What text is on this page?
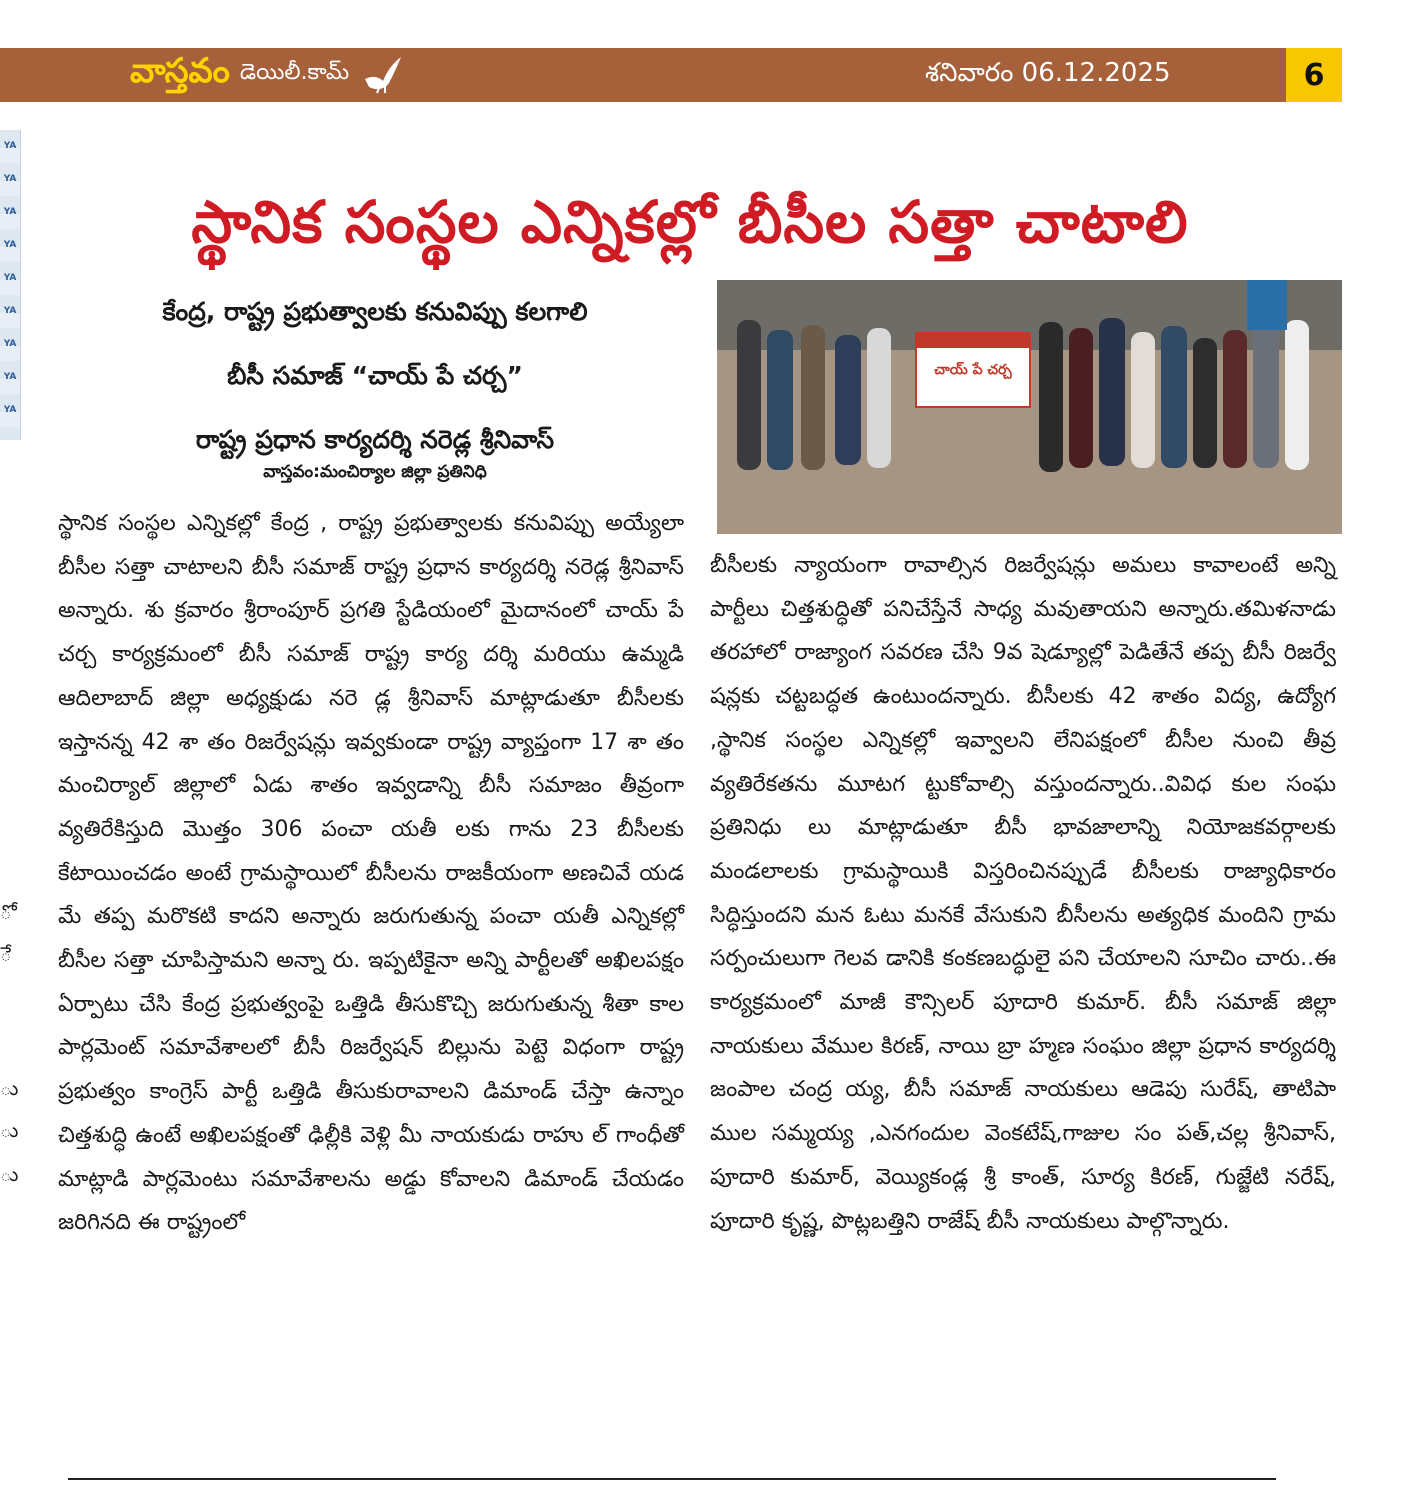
వాస్తవం డెయిలీ.కామ్	శనివారం 06.12.2025	6
YA
YA
YA
YA
YA
YA
YA
YA
YA
ో
ే
ు
ు
ు
స్థానిక సంస్థల ఎన్నికల్లో బీసీల సత్తా చాటాలి
కేంద్ర, రాష్ట్ర ప్రభుత్వాలకు కనువిప్పు కలగాలి
బీసీ సమాజ్ “చాయ్ పే చర్చ”
రాష్ట్ర ప్రధాన కార్యదర్శి నరెడ్ల శ్రీనివాస్
వాస్తవం:మంచిర్యాల జిల్లా ప్రతినిధి

స్థానిక సంస్థల ఎన్నికల్లో కేంద్ర , రాష్ట్ర ప్రభుత్వాలకు కనువిప్పు అయ్యేలా బీసీల సత్తా చాటాలని బీసీ సమాజ్ రాష్ట్ర ప్రధాన కార్యదర్శి నరెడ్ల శ్రీనివాస్ అన్నారు. శు క్రవారం శ్రీరాంపూర్ ప్రగతి స్టేడియంలో మైదానంలో చాయ్ పే చర్చ కార్యక్రమంలో బీసీ సమాజ్ రాష్ట్ర కార్య దర్శి మరియు ఉమ్మడి ఆదిలాబాద్ జిల్లా అధ్యక్షుడు నరె డ్ల శ్రీనివాస్ మాట్లాడుతూ బీసీలకు ఇస్తానన్న 42 శా తం రిజర్వేషన్లు ఇవ్వకుండా రాష్ట్ర వ్యాప్తంగా 17 శా తం మంచిర్యాల్ జిల్లాలో ఏడు శాతం ఇవ్వడాన్ని బీసీ సమాజం తీవ్రంగా వ్యతిరేకిస్తుది మొత్తం 306 పంచా యతీ లకు గాను 23 బీసీలకు కేటాయించడం అంటే గ్రామస్థాయిలో బీసీలను రాజకీయంగా అణచివే యడ మే తప్ప మరొకటి కాదని అన్నారు జరుగుతున్న పంచా యతీ ఎన్నికల్లో బీసీల సత్తా చూపిస్తామని అన్నా రు. ఇప్పటికైనా అన్ని పార్టీలతో అఖిలపక్షం ఏర్పాటు చేసి కేంద్ర ప్రభుత్వంపై ఒత్తిడి తీసుకొచ్చి జరుగుతున్న శీతా కాల పార్లమెంట్ సమావేశాలలో బీసీ రిజర్వేషన్ బిల్లును పెట్టె విధంగా రాష్ట్ర ప్రభుత్వం కాంగ్రెస్ పార్టీ ఒత్తిడి తీసుకురావాలని డిమాండ్ చేస్తా ఉన్నాం చిత్తశుద్ధి ఉంటే అఖిలపక్షంతో ఢిల్లీకి వెళ్లి మీ నాయకుడు రాహు ల్ గాంధీతో మాట్లాడి పార్లమెంటు సమావేశాలను అడ్డు కోవాలని డిమాండ్ చేయడం జరిగినది ఈ రాష్ట్రంలో

చాయ్ పే చర్చ

బీసీలకు న్యాయంగా రావాల్సిన రిజర్వేషన్లు అమలు కావాలంటే అన్ని పార్టీలు చిత్తశుద్ధితో పనిచేస్తేనే సాధ్య మవుతాయని అన్నారు.తమిళనాడు తరహాలో రాజ్యాంగ సవరణ చేసి 9వ షెడ్యూల్లో పెడితేనే తప్ప బీసీ రిజర్వే షన్లకు చట్టబద్ధత ఉంటుందన్నారు. బీసీలకు 42 శాతం విద్య, ఉద్యోగ ,స్థానిక సంస్థల ఎన్నికల్లో ఇవ్వాలని లేనిపక్షంలో బీసీల నుంచి తీవ్ర వ్యతిరేకతను మూటగ ట్టుకోవాల్సి వస్తుందన్నారు..వివిధ కుల సంఘ ప్రతినిధు లు మాట్లాడుతూ బీసీ భావజాలాన్ని నియోజకవర్గాలకు మండలాలకు గ్రామస్థాయికి విస్తరించినప్పుడే బీసీలకు రాజ్యాధికారం సిద్ధిస్తుందని మన ఓటు మనకే వేసుకుని బీసీలను అత్యధిక మందిని గ్రామ సర్పంచులుగా గెలవ డానికి కంకణబద్ధులై పని చేయాలని సూచిం చారు..ఈ కార్యక్రమంలో మాజీ కౌన్సిలర్ పూదారి కుమార్. బీసీ సమాజ్ జిల్లా నాయకులు వేముల కిరణ్, నాయి బ్రా హ్మణ సంఘం జిల్లా ప్రధాన కార్యదర్శి జంపాల చంద్ర య్య, బీసీ సమాజ్ నాయకులు ఆడెపు సురేష్, తాటిపా ముల సమ్మయ్య ,ఎనగందుల వెంకటేష్,గాజుల సం పత్,చల్ల శ్రీనివాస్, పూదారి కుమార్, వెయ్యికండ్ల శ్రీ కాంత్, సూర్య కిరణ్, గుజ్జేటి నరేష్, పూదారి కృష్ణ, పొట్లబత్తిని రాజేష్ బీసీ నాయకులు పాల్గొన్నారు.
